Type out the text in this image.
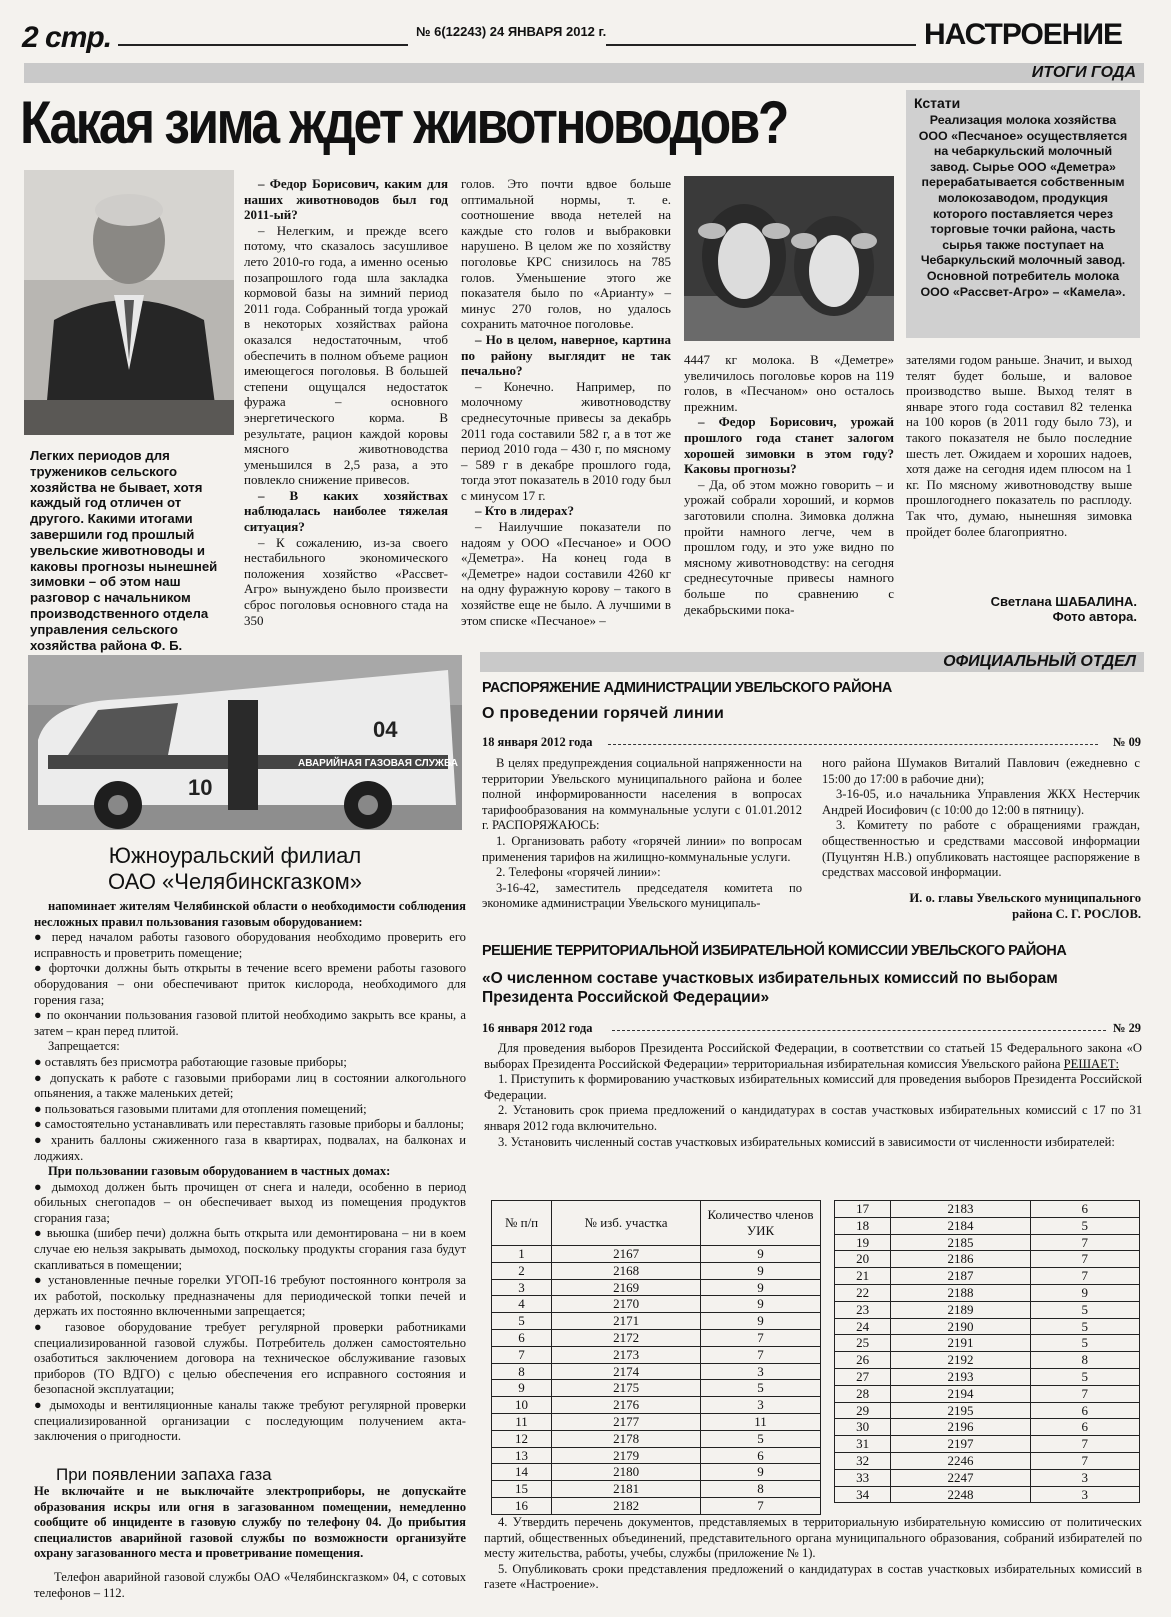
2 стр.	№ 6(12243) 24 ЯНВАРЯ 2012 г.	НАСТРОЕНИЕ
ИТОГИ ГОДА
Какая зима ждет животноводов?
Легких периодов для тружеников сельского хозяйства не бывает, хотя каждый год отличен от другого. Какими итогами завершили год прошлый увельские животноводы и каковы прогнозы нынешней зимовки – об этом наш разговор с начальником производственного отдела управления сельского хозяйства района Ф. Б.

– Федор Борисович, каким для наших животноводов был год 2011-ый?

– Нелегким, и прежде всего потому, что сказалось засушливое лето 2010-го года, а именно осенью позапрошлого года шла закладка кормовой базы на зимний период 2011 года. Собранный тогда урожай в некоторых хозяйствах района оказался недостаточным, чтоб обеспечить в полном объеме рацион имеющегося поголовья. В большей степени ощущался недостаток фуража – основного энергетического корма. В результате, рацион каждой коровы мясного животноводства уменьшился в 2,5 раза, а это повлекло снижение привесов.

– В каких хозяйствах наблюдалась наиболее тяжелая ситуация?

– К сожалению, из-за своего нестабильного экономического положения хозяйство «Рассвет-Агро» вынуждено было произвести сброс поголовья основного стада на 350

голов. Это почти вдвое больше оптимальной нормы, т. е. соотношение ввода нетелей на каждые сто голов и выбраковки нарушено. В целом же по хозяйству поголовье КРС снизилось на 785 голов. Уменьшение этого же показателя было по «Арианту» – минус 270 голов, но удалось сохранить маточное поголовье.

– Но в целом, наверное, картина по району выглядит не так печально?

– Конечно. Например, по молочному животноводству среднесуточные привесы за декабрь 2011 года составили 582 г, а в тот же период 2010 года – 430 г, по мясному – 589 г в декабре прошлого года, тогда этот показатель в 2010 году был с минусом 17 г.

– Кто в лидерах?

– Наилучшие показатели по надоям у ООО «Песчаное» и ООО «Деметра». На конец года в «Деметре» надои составили 4260 кг на одну фуражную корову – такого в хозяйстве еще не было. А лучшими в этом списке «Песчаное» –

4447 кг молока. В «Деметре» увеличилось поголовье коров на 119 голов, в «Песчаном» оно осталось прежним.

– Федор Борисович, урожай прошлого года станет залогом хорошей зимовки в этом году? Каковы прогнозы?

– Да, об этом можно говорить – и урожай собрали хороший, и кормов заготовили сполна. Зимовка должна пройти намного легче, чем в прошлом году, и это уже видно по мясному животноводству: на сегодня среднесуточные привесы намного больше по сравнению с декабрьскими пока-

Кстати
Реализация молока хозяйства ООО «Песчаное» осуществляется на чебаркульский молочный завод. Сырье ООО «Деметра» перерабатывается собственным молокозаводом, продукция которого поставляется через торговые точки района, часть сырья также поступает на Чебаркульский молочный завод. Основной потребитель молока ООО «Рассвет-Агро» – «Камела».

зателями годом раньше. Значит, и выход телят будет больше, и валовое производство выше. Выход телят в январе этого года составил 82 теленка на 100 коров (в 2011 году было 73), и такого показателя не было последние шесть лет. Ожидаем и хороших надоев, хотя даже на сегодня идем плюсом на 1 кг. По мясному животноводству выше прошлогоднего показатель по расплоду. Так что, думаю, нынешняя зимовка пройдет более благоприятно.

Светлана ШАБАЛИНА.
Фото автора.
АВАРИЙНАЯ ГАЗОВАЯ СЛУЖБА
04
10
Южноуральский филиал
ОАО «Челябинскгазком»

напоминает жителям Челябинской области о необходимости соблюдения несложных правил пользования газовым оборудованием:

● перед началом работы газового оборудования необходимо проверить его исправность и проветрить помещение;

● форточки должны быть открыты в течение всего времени работы газового оборудования – они обеспечивают приток кислорода, необходимого для горения газа;

● по окончании пользования газовой плитой необходимо закрыть все краны, а затем – кран перед плитой.

Запрещается:

● оставлять без присмотра работающие газовые приборы;

● допускать к работе с газовыми приборами лиц в состоянии алкогольного опьянения, а также маленьких детей;

● пользоваться газовыми плитами для отопления помещений;

● самостоятельно устанавливать или переставлять газовые приборы и баллоны;

● хранить баллоны сжиженного газа в квартирах, подвалах, на балконах и лоджиях.

При пользовании газовым оборудованием в частных домах:

● дымоход должен быть прочищен от снега и наледи, особенно в период обильных снегопадов – он обеспечивает выход из помещения продуктов сгорания газа;

● вьюшка (шибер печи) должна быть открыта или демонтирована – ни в коем случае ею нельзя закрывать дымоход, поскольку продукты сгорания газа будут скапливаться в помещении;

● установленные печные горелки УГОП-16 требуют постоянного контроля за их работой, поскольку предназначены для периодической топки печей и держать их постоянно включенными запрещается;

● газовое оборудование требует регулярной проверки работниками специализированной газовой службы. Потребитель должен самостоятельно озаботиться заключением договора на техническое обслуживание газовых приборов (ТО ВДГО) с целью обеспечения его исправного состояния и безопасной эксплуатации;

● дымоходы и вентиляционные каналы также требуют регулярной проверки специализированной организации с последующим получением акта-заключения о пригодности.

При появлении запаха газа
Не включайте и не выключайте электроприборы, не допускайте образования искры или огня в загазованном помещении, немедленно сообщите об инциденте в газовую службу по телефону 04. До прибытия специалистов аварийной газовой службы по возможности организуйте охрану загазованного места и проветривание помещения.
Телефон аварийной газовой службы ОАО «Челябинскгазком» 04, с сотовых телефонов – 112.
ОФИЦИАЛЬНЫЙ ОТДЕЛ
РАСПОРЯЖЕНИЕ АДМИНИСТРАЦИИ УВЕЛЬСКОГО РАЙОНА
О проведении горячей линии
18 января 2012 года	№ 09

В целях предупреждения социальной напряженности на территории Увельского муниципального района и более полной информированности населения в вопросах тарифообразования на коммунальные услуги с 01.01.2012 г. РАСПОРЯЖАЮСЬ:

1. Организовать работу «горячей линии» по вопросам применения тарифов на жилищно-коммунальные услуги.

2. Телефоны «горячей линии»:

3-16-42, заместитель председателя комитета по экономике администрации Увельского муниципаль-

ного района Шумаков Виталий Павлович (ежедневно с 15:00 до 17:00 в рабочие дни);

3-16-05, и.о начальника Управления ЖКХ Нестерчик Андрей Иосифович (с 10:00 до 12:00 в пятницу).

3. Комитету по работе с обращениями граждан, общественностью и средствами массовой информации (Пуцунтян Н.В.) опубликовать настоящее распоряжение в средствах массовой информации.

И. о. главы Увельского муниципального
района С. Г. РОСЛОВ.
РЕШЕНИЕ ТЕРРИТОРИАЛЬНОЙ ИЗБИРАТЕЛЬНОЙ КОМИССИИ УВЕЛЬСКОГО РАЙОНА
«О численном составе участковых избирательных комиссий по выборам Президента Российской Федерации»
16 января 2012 года	№ 29

Для проведения выборов Президента Российской Федерации, в соответствии со статьей 15 Федерального закона «О выборах Президента Российской Федерации» территориальная избирательная комиссия Увельского района РЕШАЕТ:

1. Приступить к формированию участковых избирательных комиссий для проведения выборов Президента Российской Федерации.

2. Установить срок приема предложений о кандидатурах в состав участковых избирательных комиссий с 17 по 31 января 2012 года включительно.

3. Установить численный состав участковых избирательных комиссий в зависимости от численности избирателей:

№ п/п	№ изб. участка	Количество членов УИК
1	2167	9
2	2168	9
3	2169	9
4	2170	9
5	2171	9
6	2172	7
7	2173	7
8	2174	3
9	2175	5
10	2176	3
11	2177	11
12	2178	5
13	2179	6
14	2180	9
15	2181	8
16	2182	7
17	2183	6
18	2184	5
19	2185	7
20	2186	7
21	2187	7
22	2188	9
23	2189	5
24	2190	5
25	2191	5
26	2192	8
27	2193	5
28	2194	7
29	2195	6
30	2196	6
31	2197	7
32	2246	7
33	2247	3
34	2248	3

4. Утвердить перечень документов, представляемых в территориальную избирательную комиссию от политических партий, общественных объединений, представительного органа муниципального образования, собраний избирателей по месту жительства, работы, учебы, службы (приложение № 1).

5. Опубликовать сроки представления предложений о кандидатурах в состав участковых избирательных комиссий в газете «Настроение».
